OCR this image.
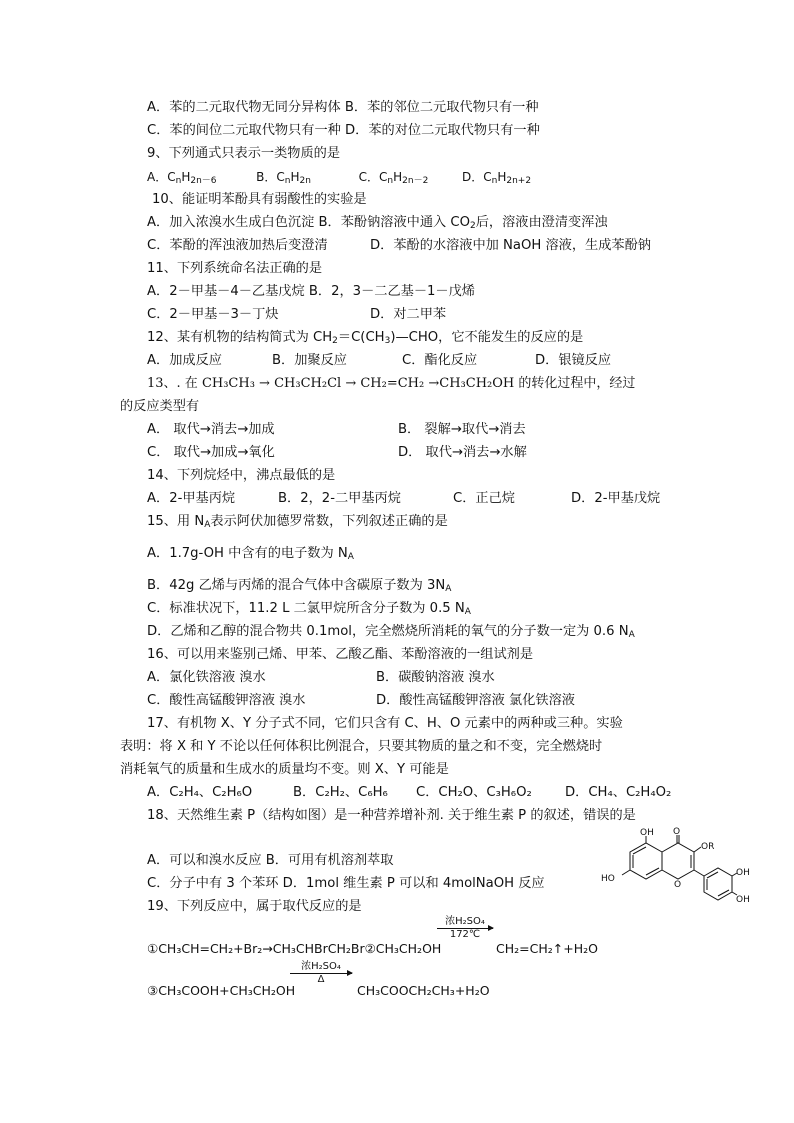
A．苯的二元取代物无同分异构体 B．苯的邻位二元取代物只有一种
C．苯的间位二元取代物只有一种 D．苯的对位二元取代物只有一种
9、下列通式只表示一类物质的是
A．$C_nH_{2n-6}$	B．$C_nH_{2n}$	C．$C_nH_{2n-2}$	D．$C_nH_{2n+2}$
10、能证明苯酚具有弱酸性的实验是
A．加入浓溴水生成白色沉淀 B．苯酚钠溶液中通入 $CO_2$后，溶液由澄清变浑浊
C．苯酚的浑浊液加热后变澄清	D．苯酚的水溶液中加 NaOH 溶液，生成苯酚钠
11、下列系统命名法正确的是
A．2－甲基－4－乙基戊烷 B．2，3－二乙基－1－戊烯
C．2－甲基－3－丁炔	D．对二甲苯
12、某有机物的结构简式为 $CH_2=C(CH_3)—CHO$，它不能发生的反应的是
A．加成反应	B．加聚反应	C．酯化反应	D．银镜反应
13、. 在 CH₃CH₃ → CH₃CH₂Cl → CH₂=CH₂ →CH₃CH₂OH 的转化过程中，经过
的反应类型有
A． 取代→消去→加成	B． 裂解→取代→消去
C． 取代→加成→氧化	D． 取代→消去→水解
14、下列烷烃中，沸点最低的是
A．2-甲基丙烷	B．2，2-二甲基丙烷	C．正己烷	D．2-甲基戊烷
15、用 $N_A$表示阿伏加德罗常数，下列叙述正确的是
A．1.7g-OH 中含有的电子数为 $N_A$
B．42g 乙烯与丙烯的混合气体中含碳原子数为 $3N_A$
C．标准状况下，11.2 L 二氯甲烷所含分子数为 0.5 $N_A$
D．乙烯和乙醇的混合物共 0.1mol，完全燃烧所消耗的氧气的分子数一定为 0.6 $N_A$
16、可以用来鉴别己烯、甲苯、乙酸乙酯、苯酚溶液的一组试剂是
A．氯化铁溶液 溴水	B．碳酸钠溶液 溴水
C．酸性高锰酸钾溶液 溴水	D．酸性高锰酸钾溶液 氯化铁溶液
17、有机物 X、Y 分子式不同，它们只含有 C、H、O 元素中的两种或三种。实验
表明：将 X 和 Y 不论以任何体积比例混合，只要其物质的量之和不变，完全燃烧时
消耗氧气的质量和生成水的质量均不变。则 X、Y 可能是
A．C₂H₄、C₂H₆O	B．C₂H₂、C₆H₆ C．CH₂O、C₃H₆O₂	D．CH₄、C₂H₄O₂
18、天然维生素 P（结构如图）是一种营养增补剂. 关于维生素 P 的叙述，错误的是
A．可以和溴水反应 B．可用有机溶剂萃取
C．分子中有 3 个苯环 D．1mol 维生素 P 可以和 4molNaOH 反应
OH O
OR
HO
O
OH
OH
19、下列反应中，属于取代反应的是
①CH₃CH=CH₂+Br₂→CH₃CHBrCH₂Br②CH₃CH₂OH
浓H₂SO₄
172℃
CH₂=CH₂↑+H₂O
③CH₃COOH+CH₃CH₂OH
浓H₂SO₄
Δ
CH₃COOCH₂CH₃+H₂O
